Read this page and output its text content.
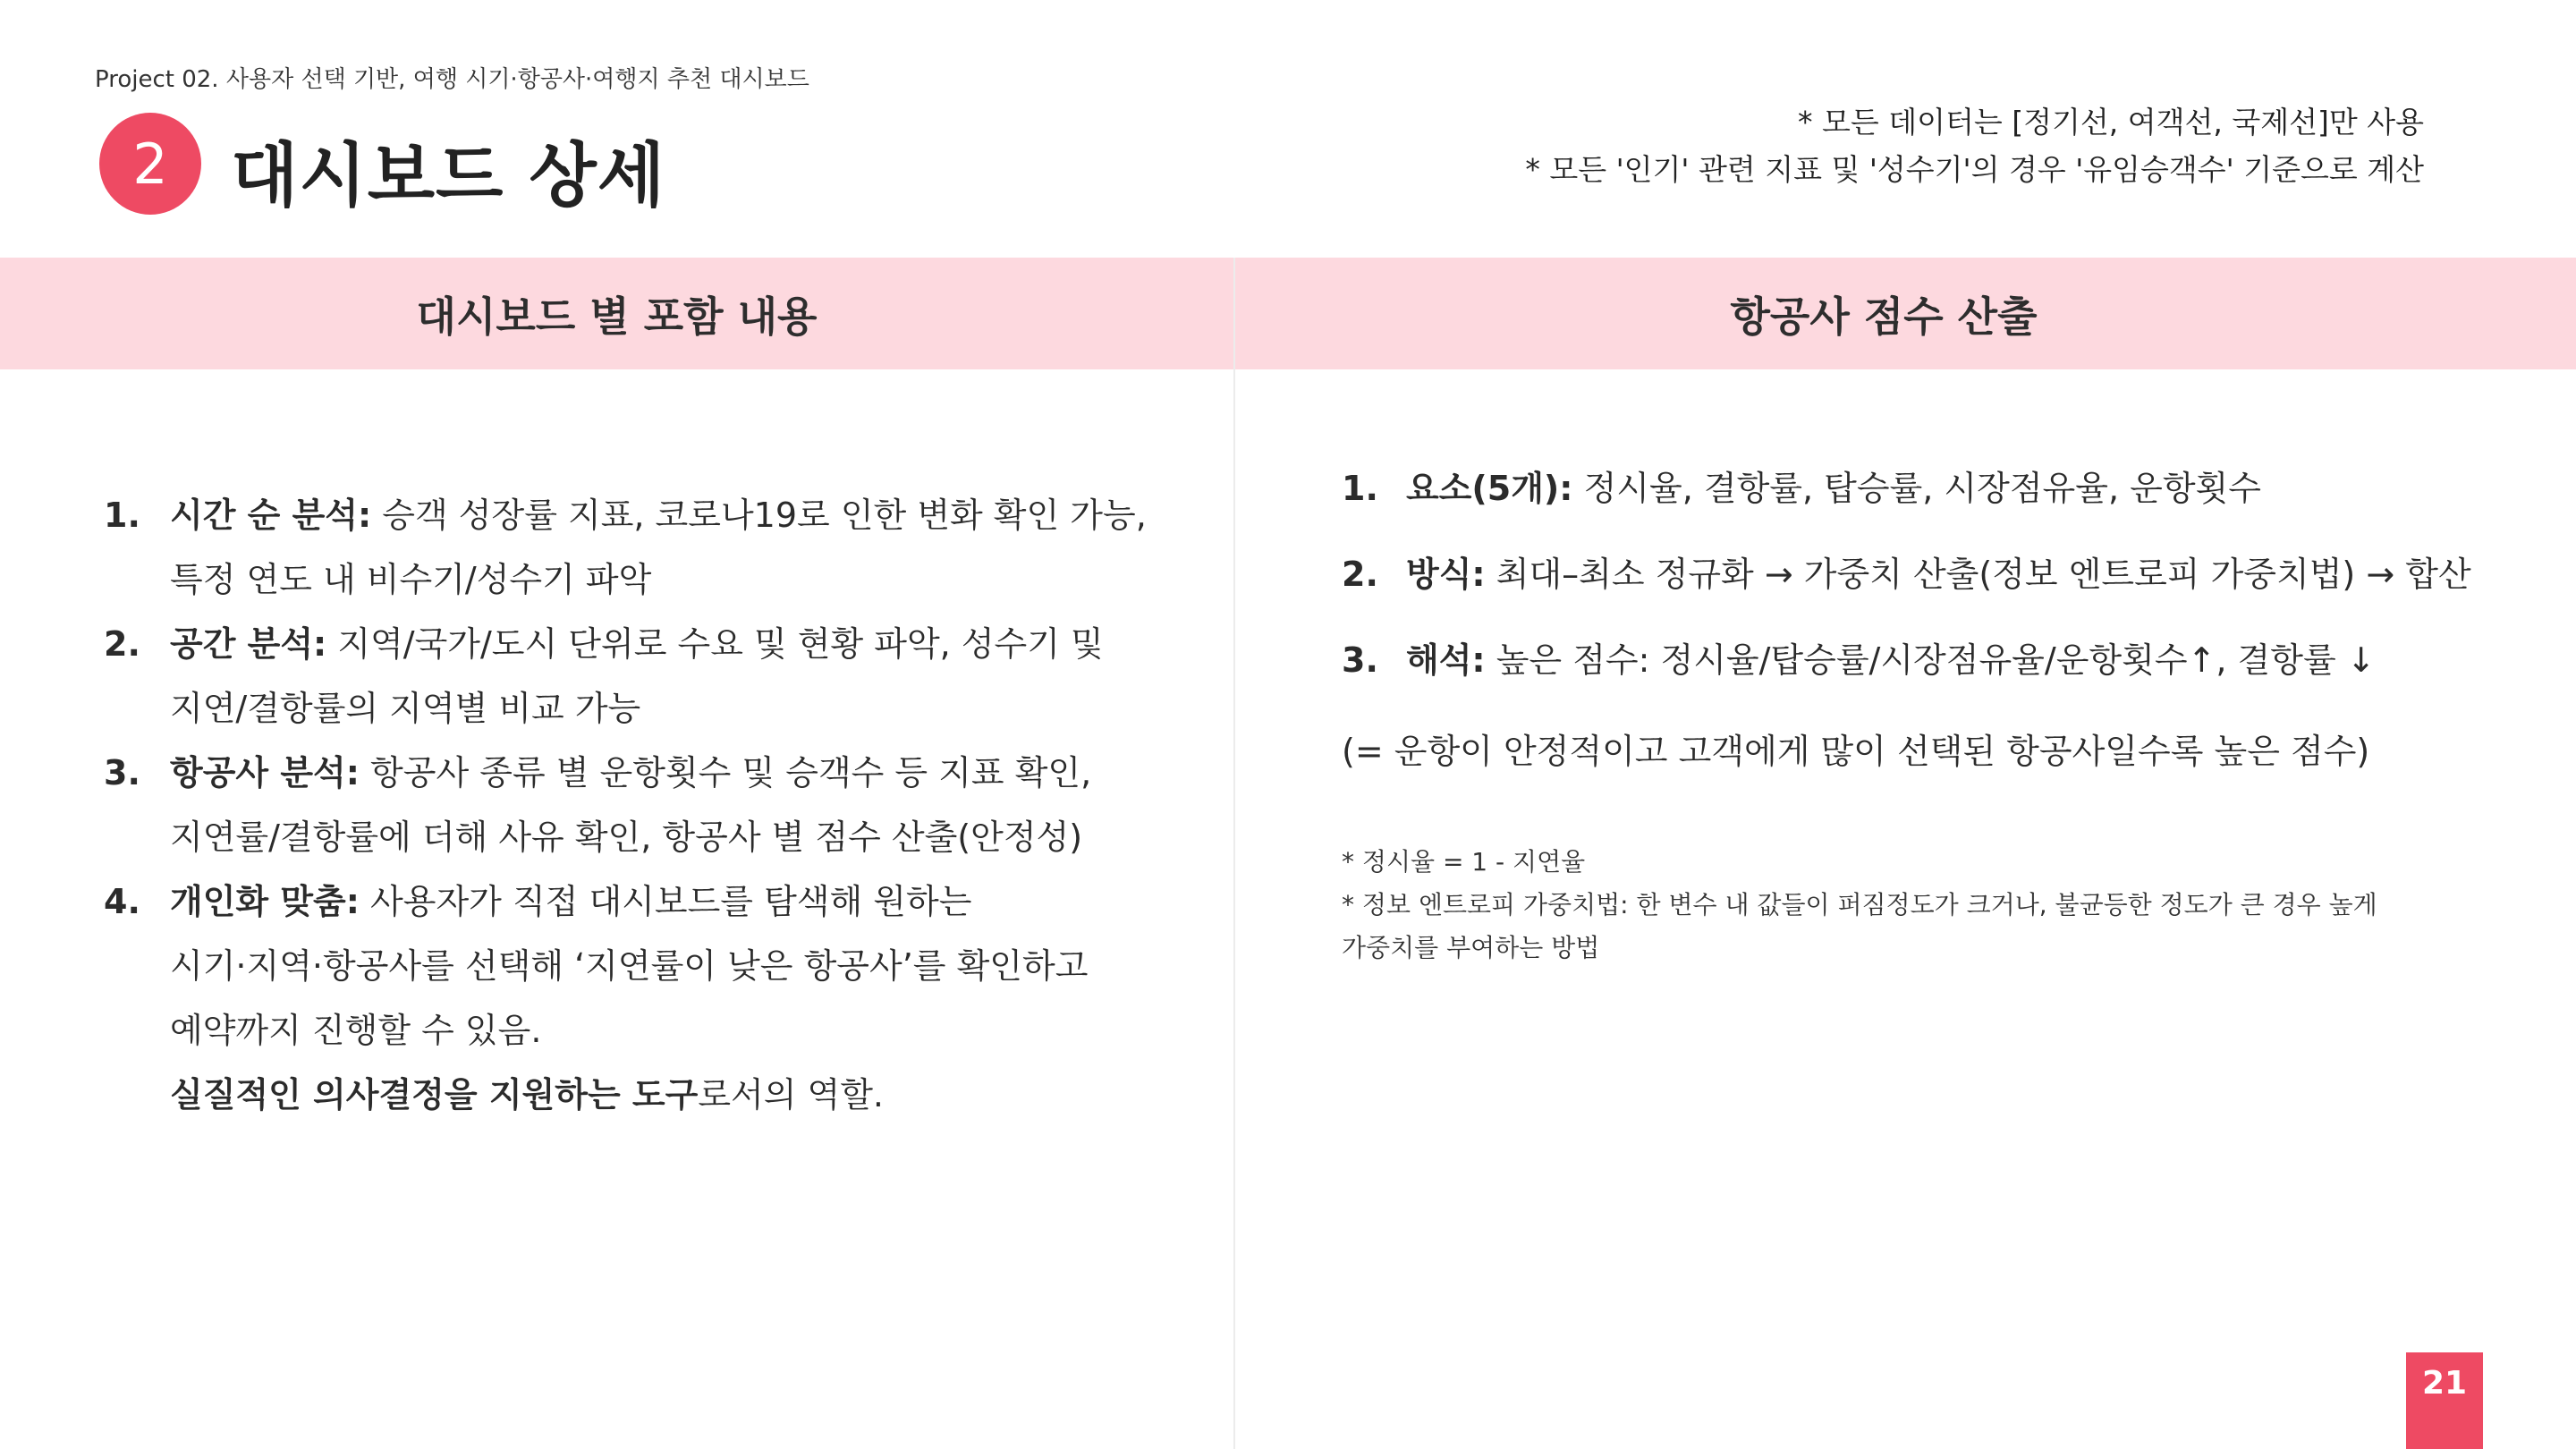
Project 02. 사용자 선택 기반, 여행 시기·항공사·여행지 추천 대시보드
2 대시보드 상세
* 모든 데이터는 [정기선, 여객선, 국제선]만 사용
* 모든 '인기' 관련 지표 및 '성수기'의 경우 '유임승객수' 기준으로 계산
대시보드 별 포함 내용	항공사 점수 산출
1. 시간 순 분석: 승객 성장률 지표, 코로나19로 인한 변화 확인 가능,
특정 연도 내 비수기/성수기 파악
2. 공간 분석: 지역/국가/도시 단위로 수요 및 현황 파악, 성수기 및
지연/결항률의 지역별 비교 가능
3. 항공사 분석: 항공사 종류 별 운항횟수 및 승객수 등 지표 확인,
지연률/결항률에 더해 사유 확인, 항공사 별 점수 산출(안정성)
4. 개인화 맞춤: 사용자가 직접 대시보드를 탐색해 원하는
시기·지역·항공사를 선택해 ‘지연률이 낮은 항공사’를 확인하고
예약까지 진행할 수 있음.
실질적인 의사결정을 지원하는 도구로서의 역할.
1. 요소(5개): 정시율, 결항률, 탑승률, 시장점유율, 운항횟수
2. 방식: 최대–최소 정규화 → 가중치 산출(정보 엔트로피 가중치법) → 합산
3. 해석: 높은 점수: 정시율/탑승률/시장점유율/운항횟수↑, 결항률 ↓
(= 운항이 안정적이고 고객에게 많이 선택된 항공사일수록 높은 점수)
* 정시율 = 1 - 지연율
* 정보 엔트로피 가중치법: 한 변수 내 값들이 퍼짐정도가 크거나, 불균등한 정도가 큰 경우 높게
가중치를 부여하는 방법
21
